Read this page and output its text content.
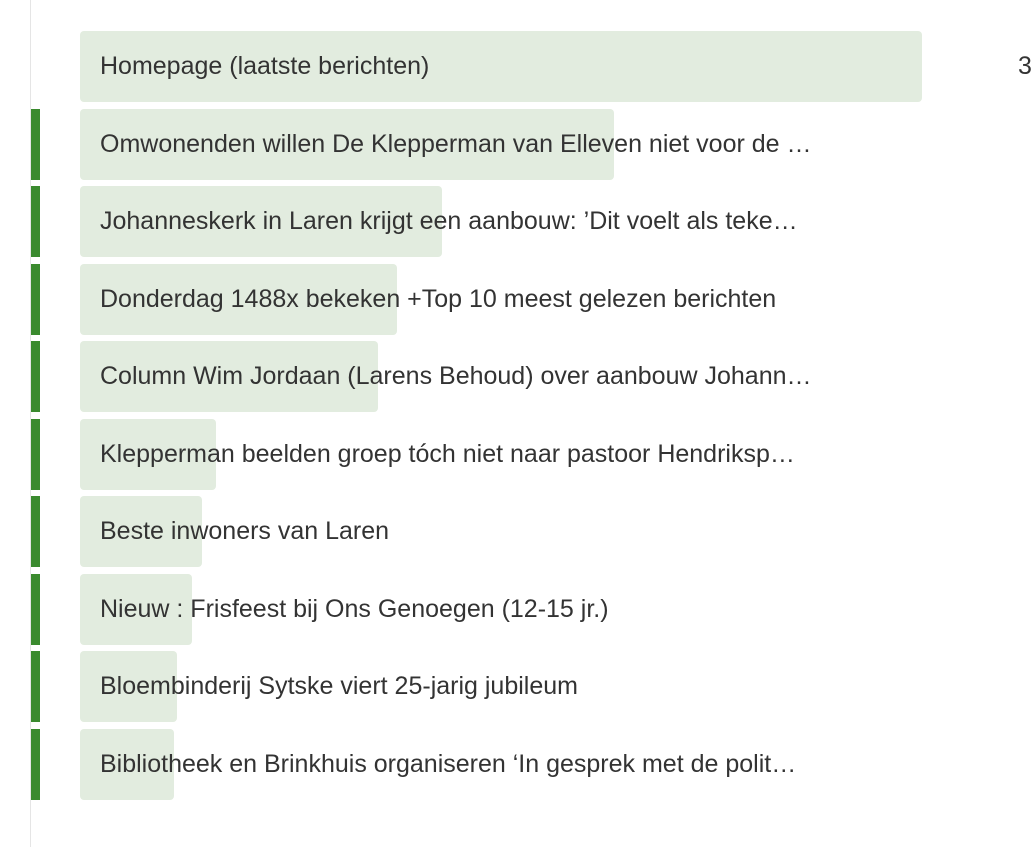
Homepage (laatste berichten)	3
Omwonenden willen De Klepperman van Elleven niet voor de …
Johanneskerk in Laren krijgt een aanbouw: ’Dit voelt als teke…
Donderdag 1488x bekeken +Top 10 meest gelezen berichten
Column Wim Jordaan (Larens Behoud) over aanbouw Johann…
Klepperman beelden groep tóch niet naar pastoor Hendriksp…
Beste inwoners van Laren
Nieuw : Frisfeest bij Ons Genoegen (12-15 jr.)
Bloembinderij Sytske viert 25-jarig jubileum
Bibliotheek en Brinkhuis organiseren ‘In gesprek met de polit…
